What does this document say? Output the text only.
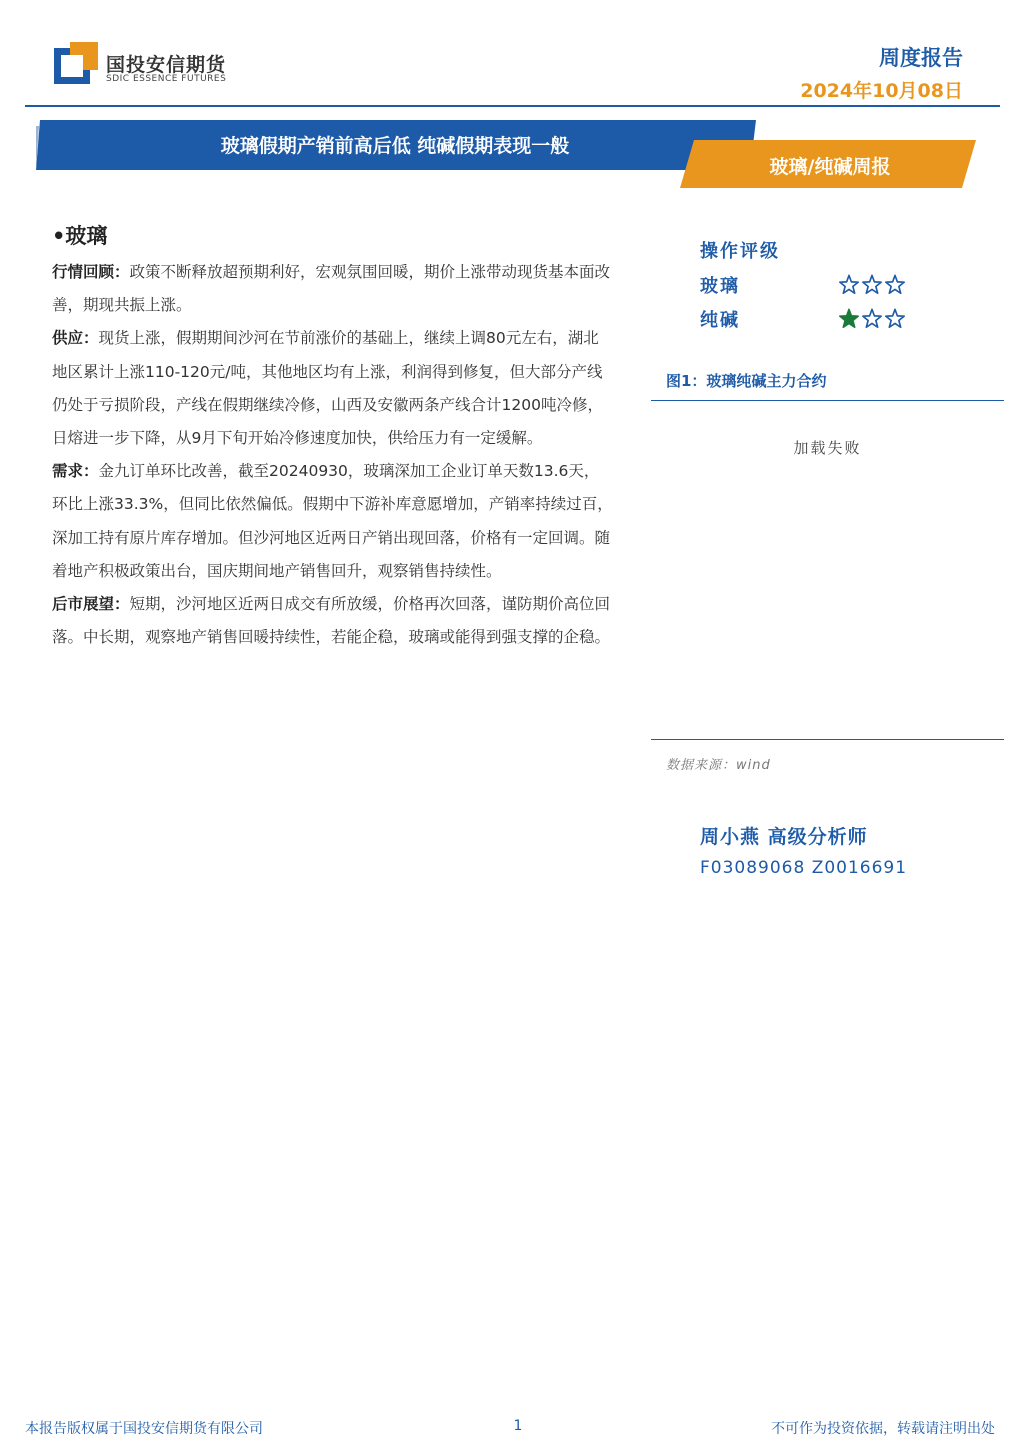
国投安信期货
SDIC ESSENCE FUTURES
周度报告
2024年10月08日
玻璃假期产销前高后低 纯碱假期表现一般
玻璃/纯碱周报
•玻璃

行情回顾：政策不断释放超预期利好，宏观氛围回暖，期价上涨带动现货基本面改善，期现共振上涨。

供应：现货上涨，假期期间沙河在节前涨价的基础上，继续上调80元左右，湖北地区累计上涨110-120元/吨，其他地区均有上涨，利润得到修复，但大部分产线仍处于亏损阶段，产线在假期继续冷修，山西及安徽两条产线合计1200吨冷修，日熔进一步下降，从9月下旬开始冷修速度加快，供给压力有一定缓解。

需求：金九订单环比改善，截至20240930，玻璃深加工企业订单天数13.6天，环比上涨33.3%，但同比依然偏低。假期中下游补库意愿增加，产销率持续过百，深加工持有原片库存增加。但沙河地区近两日产销出现回落，价格有一定回调。随着地产积极政策出台，国庆期间地产销售回升，观察销售持续性。

后市展望：短期，沙河地区近两日成交有所放缓，价格再次回落，谨防期价高位回落。中长期，观察地产销售回暖持续性，若能企稳，玻璃或能得到强支撑的企稳。

操作评级
玻璃
纯碱
图1：玻璃纯碱主力合约
加载失败
数据来源：wind
周小燕 高级分析师
F03089068 Z0016691
本报告版权属于国投安信期货有限公司	1	不可作为投资依据，转载请注明出处
